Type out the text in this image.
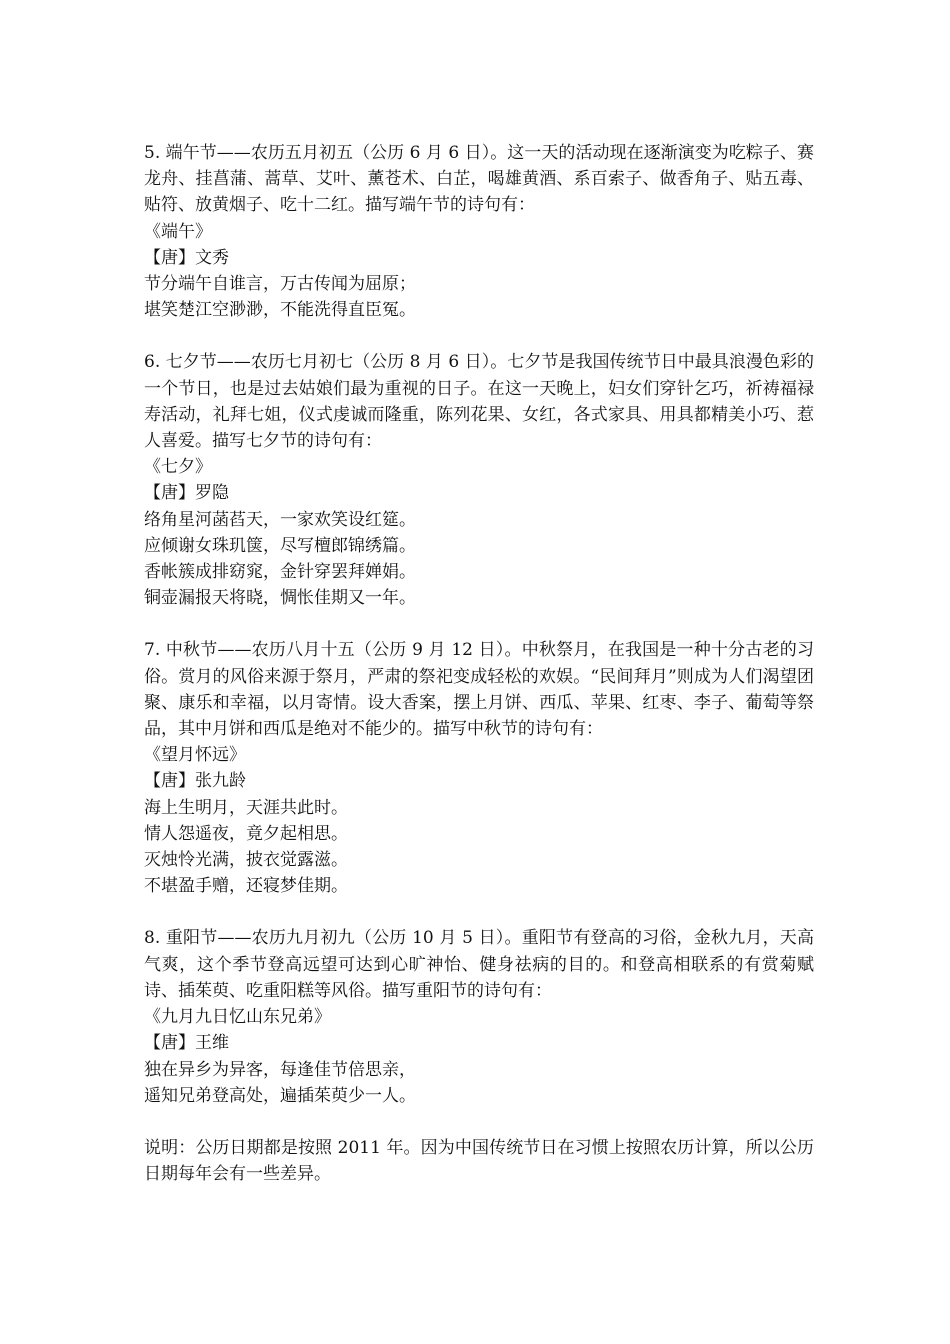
5. 端午节——农历五月初五（公历 6 月 6 日）。这一天的活动现在逐渐演变为吃粽子、赛龙舟、挂菖蒲、蒿草、艾叶、薰苍术、白芷，喝雄黄酒、系百索子、做香角子、贴五毒、贴符、放黄烟子、吃十二红。描写端午节的诗句有：
《端午》
【唐】文秀
节分端午自谁言，万古传闻为屈原；
堪笑楚江空渺渺，不能洗得直臣冤。
6. 七夕节——农历七月初七（公历 8 月 6 日）。七夕节是我国传统节日中最具浪漫色彩的一个节日，也是过去姑娘们最为重视的日子。在这一天晚上，妇女们穿针乞巧，祈祷福禄寿活动，礼拜七姐，仪式虔诚而隆重，陈列花果、女红，各式家具、用具都精美小巧、惹人喜爱。描写七夕节的诗句有：
《七夕》
【唐】罗隐
络角星河菡萏天，一家欢笑设红筵。
应倾谢女珠玑箧，尽写檀郎锦绣篇。
香帐簇成排窈窕，金针穿罢拜婵娟。
铜壶漏报天将晓，惆怅佳期又一年。
7. 中秋节——农历八月十五（公历 9 月 12 日）。中秋祭月，在我国是一种十分古老的习俗。赏月的风俗来源于祭月，严肃的祭祀变成轻松的欢娱。“民间拜月”则成为人们渴望团聚、康乐和幸福，以月寄情。设大香案，摆上月饼、西瓜、苹果、红枣、李子、葡萄等祭品，其中月饼和西瓜是绝对不能少的。描写中秋节的诗句有：
《望月怀远》
【唐】张九龄
海上生明月，天涯共此时。
情人怨遥夜，竟夕起相思。
灭烛怜光满，披衣觉露滋。
不堪盈手赠，还寝梦佳期。
8. 重阳节——农历九月初九（公历 10 月 5 日）。重阳节有登高的习俗，金秋九月，天高气爽，这个季节登高远望可达到心旷神怡、健身祛病的目的。和登高相联系的有赏菊赋诗、插茱萸、吃重阳糕等风俗。描写重阳节的诗句有：
《九月九日忆山东兄弟》
【唐】王维
独在异乡为异客，每逢佳节倍思亲，
遥知兄弟登高处，遍插茱萸少一人。
说明：公历日期都是按照 2011 年。因为中国传统节日在习惯上按照农历计算，所以公历日期每年会有一些差异。
